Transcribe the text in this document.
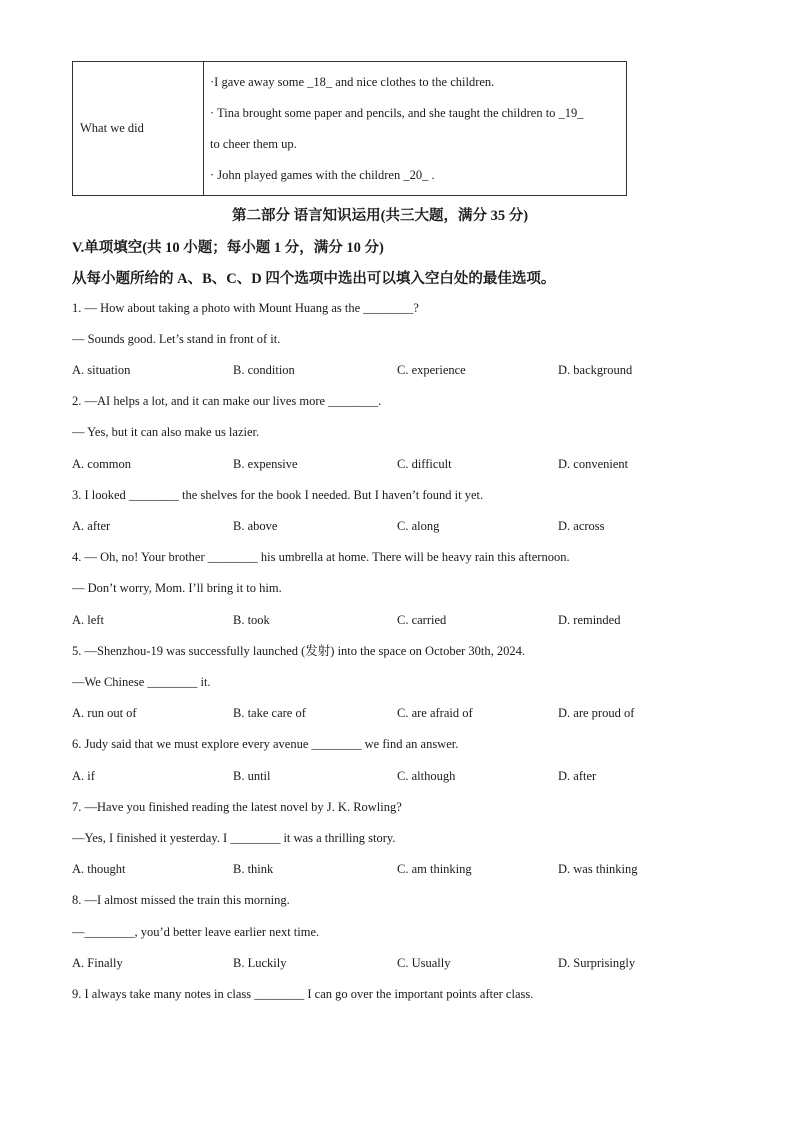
What we did	
·I gave away some _18_ and nice clothes to the children.
· Tina brought some paper and pencils, and she taught the children to _19_
to cheer them up.
· John played games with the children _20_ .
第二部分 语言知识运用(共三大题，满分 35 分)
V.单项填空(共 10 小题；每小题 1 分，满分 10 分)
从每小题所给的 A、B、C、D 四个选项中选出可以填入空白处的最佳选项。
1. — How about taking a photo with Mount Huang as the ________?
— Sounds good. Let’s stand in front of it.
A. situation	B. condition	C. experience	D. background
2. —AI helps a lot, and it can make our lives more ________.
— Yes, but it can also make us lazier.
A. common	B. expensive	C. difficult	D. convenient
3. I looked ________ the shelves for the book I needed. But I haven’t found it yet.
A. after	B. above	C. along	D. across
4. — Oh, no! Your brother ________ his umbrella at home. There will be heavy rain this afternoon.
— Don’t worry, Mom. I’ll bring it to him.
A. left	B. took	C. carried	D. reminded
5. —Shenzhou-19 was successfully launched (发射) into the space on October 30th, 2024.
—We Chinese ________ it.
A. run out of	B. take care of	C. are afraid of	D. are proud of
6. Judy said that we must explore every avenue ________ we find an answer.
A. if	B. until	C. although	D. after
7. —Have you finished reading the latest novel by J. K. Rowling?
—Yes, I finished it yesterday. I ________ it was a thrilling story.
A. thought	B. think	C. am thinking	D. was thinking
8. —I almost missed the train this morning.
—________, you’d better leave earlier next time.
A. Finally	B. Luckily	C. Usually	D. Surprisingly
9. I always take many notes in class ________ I can go over the important points after class.
